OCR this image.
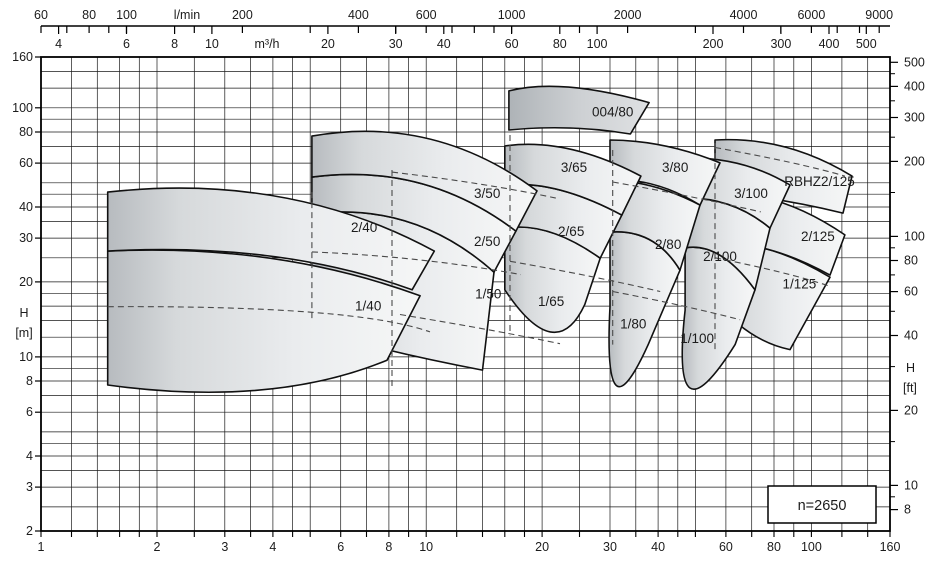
1/125
2/125
RBHZ2/125
1/100
2/100
3/100
1/80
2/80
3/80
1/65
2/65
3/65
1/50
2/50
3/50
1/40
2/40
004/80
60	80 100	200	400	600	1000	2000	4000	6000	9000
l/min
4	6	8 10	20	30	40	60	80 100	200	300 400 500
m³/h
1	2	3	4	6	8 10	20	30	40	60	80 100	160
160
100
80
60
40
30
20
10
8
6
4
3
2
H
[m]
500
400
300
200
100
80
60
40
20
10
8
H
[ft]
n=2650
